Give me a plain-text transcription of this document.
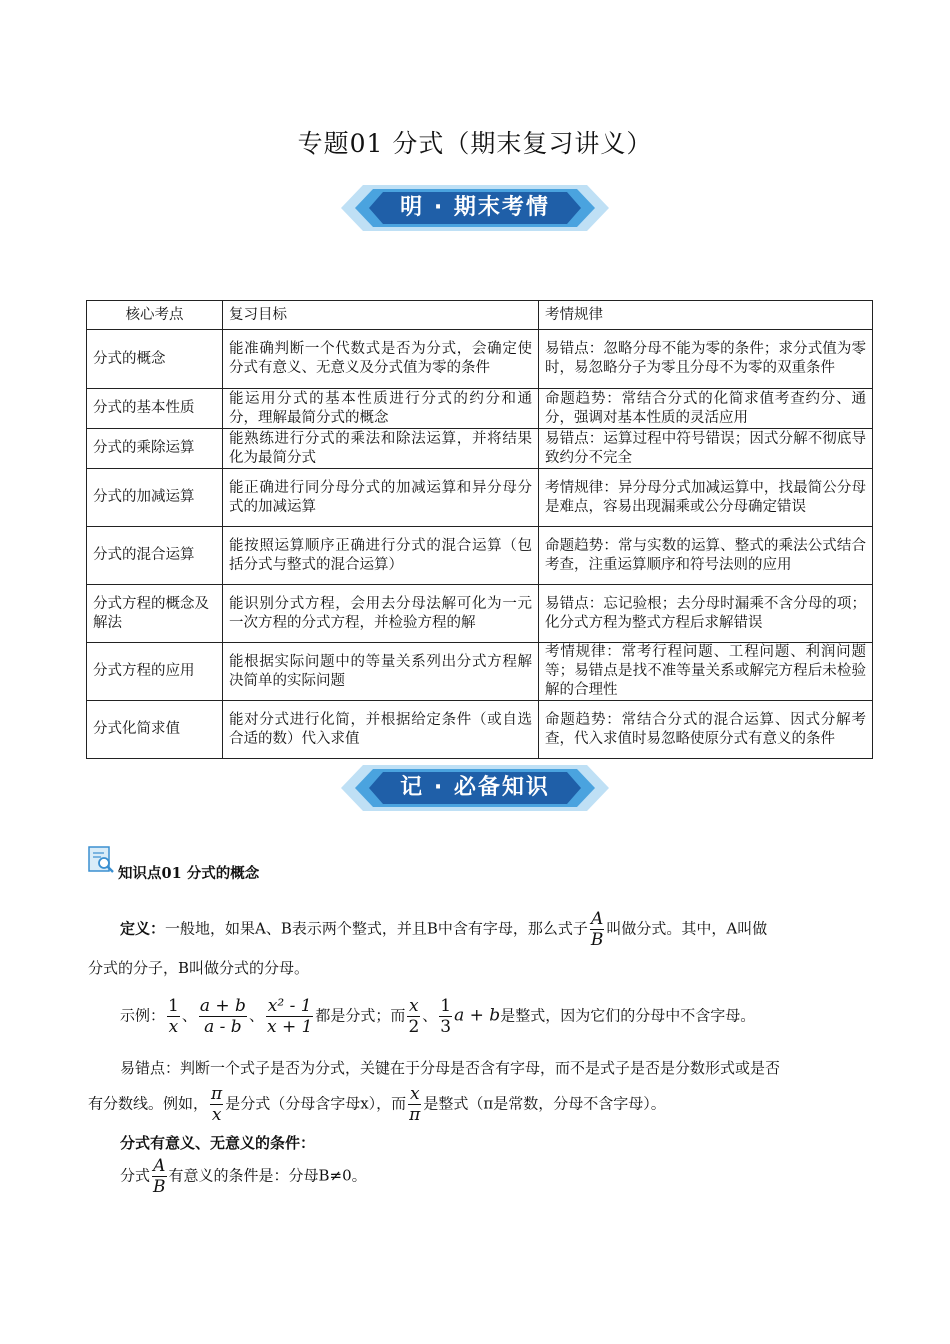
专题01 分式（期末复习讲义）
明 · 期末考情
核心考点	复习目标	考情规律
分式的概念	能准确判断一个代数式是否为分式，会确定使分式有意义、无意义及分式值为零的条件	易错点：忽略分母不能为零的条件；求分式值为零时，易忽略分子为零且分母不为零的双重条件
分式的基本性质	能运用分式的基本性质进行分式的约分和通分，理解最简分式的概念	命题趋势：常结合分式的化简求值考查约分、通分，强调对基本性质的灵活应用
分式的乘除运算	能熟练进行分式的乘法和除法运算，并将结果化为最简分式	易错点：运算过程中符号错误；因式分解不彻底导致约分不完全
分式的加减运算	能正确进行同分母分式的加减运算和异分母分式的加减运算	考情规律：异分母分式加减运算中，找最简公分母是难点，容易出现漏乘或公分母确定错误
分式的混合运算	能按照运算顺序正确进行分式的混合运算（包括分式与整式的混合运算）	命题趋势：常与实数的运算、整式的乘法公式结合考查，注重运算顺序和符号法则的应用
分式方程的概念及解法	能识别分式方程，会用去分母法解可化为一元一次方程的分式方程，并检验方程的解	易错点：忘记验根；去分母时漏乘不含分母的项；化分式方程为整式方程后求解错误
分式方程的应用	能根据实际问题中的等量关系列出分式方程解决简单的实际问题	考情规律：常考行程问题、工程问题、利润问题等；易错点是找不准等量关系或解完方程后未检验解的合理性
分式化简求值	能对分式进行化简，并根据给定条件（或自选合适的数）代入求值	命题趋势：常结合分式的混合运算、因式分解考查，代入求值时易忽略使原分式有意义的条件
记 · 必备知识
知识点01 分式的概念
定义：一般地，如果A、B表示两个整式，并且B中含有字母，那么式子 $\frac{A}{B}$ 叫做分式。其中，A叫做
分式的分子，B叫做分式的分母。
示例： $\frac{1}{x}$ 、 $\frac{a + b}{a - b}$ 、 $\frac{\text{x² - 1}}{x + 1}$ 都是分式；而 $\frac{x}{2}$ 、 $\frac{1}{3}$ a + b是整式，因为它们的分母中不含字母。
易错点：判断一个式子是否为分式，关键在于分母是否含有字母，而不是式子是否是分数形式或是否
有分数线。例如， $\frac{\pi}{x}$ 是分式（分母含字母x），而 $\frac{x}{\pi}$ 是整式（π是常数，分母不含字母）。
分式有意义、无意义的条件：
分式 $\frac{A}{B}$ 有意义的条件是：分母B≠0。
